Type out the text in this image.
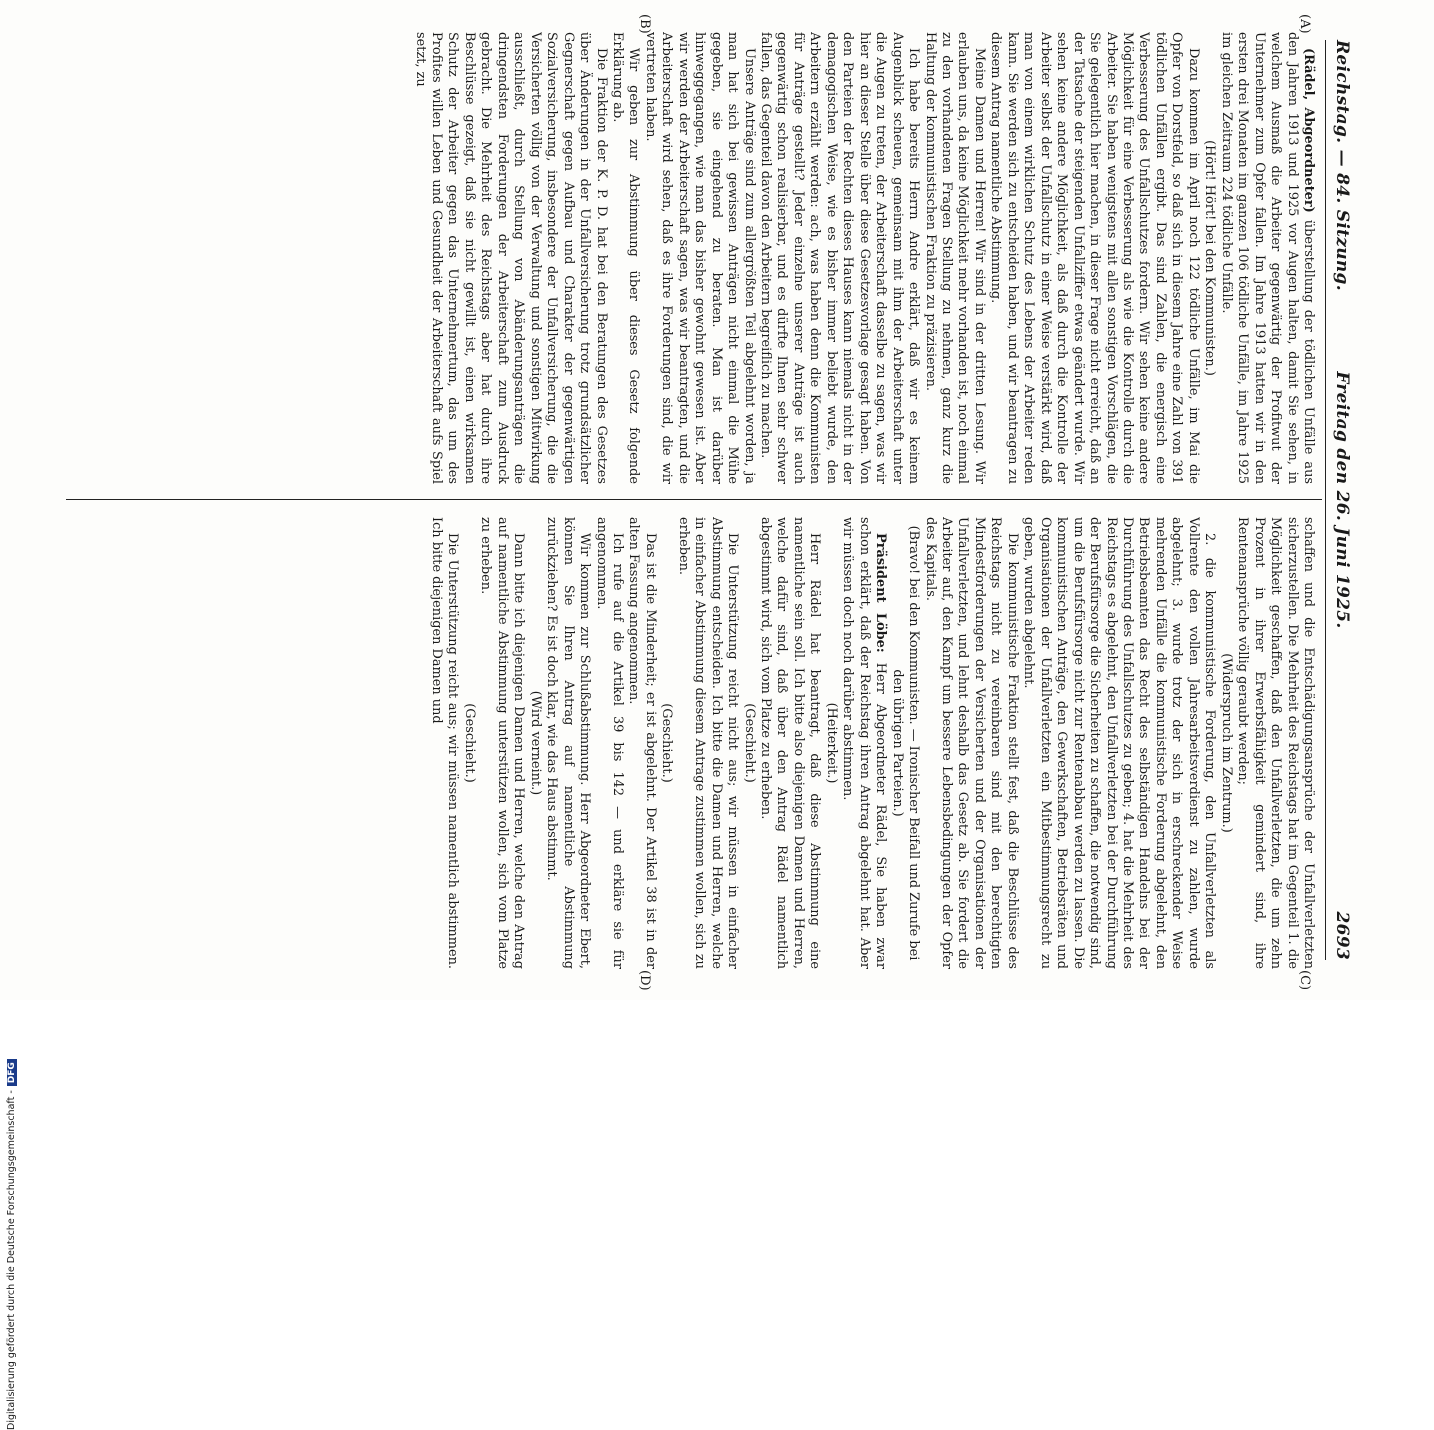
Reichstag. — 84. Sitzung.
Freitag den 26. Juni 1925.
2693
(A)
(B)
(C)
(D)

(Rädel, Abgeordneter) überstellung der tödlichen Unfälle aus den Jahren 1913 und 1925 vor Augen halten, damit Sie sehen, in welchem Ausmaß die Arbeiter gegenwärtig der Profitwut der Unternehmer zum Opfer fallen. Im Jahre 1913 hatten wir in den ersten drei Monaten im ganzen 106 tödliche Unfälle, im Jahre 1925 im gleichen Zeitraum 224 tödliche Unfälle.

(Hört! Hört! bei den Kommunisten.)

Dazu kommen im April noch 122 tödliche Unfälle, im Mai die Opfer von Dorstfeld, so daß sich in diesem Jahre eine Zahl von 391 tödlichen Unfällen ergibt. Das sind Zahlen, die energisch eine Verbesserung des Unfallschutzes fordern. Wir sehen keine andere Möglichkeit für eine Verbesserung als wie die Kontrolle durch die Arbeiter. Sie haben wenigstens mit allen sonstigen Vorschlägen, die Sie gelegentlich hier machen, in dieser Frage nicht erreicht, daß an der Tatsache der steigenden Unfallziffer etwas geändert wurde. Wir sehen keine andere Möglichkeit, als daß durch die Kontrolle der Arbeiter selbst der Unfallschutz in einer Weise verstärkt wird, daß man von einem wirklichen Schutz des Lebens der Arbeiter reden kann. Sie werden sich zu entscheiden haben, und wir beantragen zu diesem Antrag namentliche Abstimmung.

Meine Damen und Herren! Wir sind in der dritten Lesung. Wir erlauben uns, da keine Möglichkeit mehr vorhanden ist, noch einmal zu den vorhandenen Fragen Stellung zu nehmen, ganz kurz die Haltung der kommunistischen Fraktion zu präzisieren.

Ich habe bereits Herrn Andre erklärt, daß wir es keinem Augenblick scheuen, gemeinsam mit ihm der Arbeiterschaft unter die Augen zu treten, der Arbeiterschaft dasselbe zu sagen, was wir hier an dieser Stelle über diese Gesetzesvorlage gesagt haben. Von den Parteien der Rechten dieses Hauses kann niemals nicht in der demagogischen Weise, wie es bisher immer beliebt wurde, den Arbeitern erzählt werden: ach, was haben denn die Kommunisten für Anträge gestellt? Jeder einzelne unserer Anträge ist auch gegenwärtig schon realisierbar, und es dürfte Ihnen sehr schwer fallen, das Gegenteil davon den Arbeitern begreiflich zu machen.

Unsere Anträge sind zum allergrößten Teil abgelehnt worden, ja man hat sich bei gewissen Anträgen nicht einmal die Mühe gegeben, sie eingehend zu beraten. Man ist darüber hinweggegangen, wie man das bisher gewohnt gewesen ist. Aber wir werden der Arbeiterschaft sagen, was wir beantragten, und die Arbeiterschaft wird sehen, daß es ihre Forderungen sind, die wir vertreten haben.

Wir geben zur Abstimmung über dieses Gesetz folgende Erklärung ab.

Die Fraktion der K. P. D. hat bei den Beratungen des Gesetzes über Änderungen in der Unfallversicherung trotz grundsätzlicher Gegnerschaft gegen Aufbau und Charakter der gegenwärtigen Sozialversicherung, insbesondere der Unfallversicherung, die die Versicherten völlig von der Verwaltung und sonstigen Mitwirkung ausschließt, durch Stellung von Abänderungsanträgen die dringendsten Forderungen der Arbeiterschaft zum Ausdruck gebracht. Die Mehrheit des Reichstags aber hat durch ihre Beschlüsse gezeigt, daß sie nicht gewillt ist, einen wirksamen Schutz der Arbeiter gegen das Unternehmertum, das um des Profites willen Leben und Gesundheit der Arbeiterschaft aufs Spiel setzt, zu

schaffen und die Entschädigungsansprüche der Unfallverletzten sicherzustellen. Die Mehrheit des Reichstags hat im Gegenteil 1. die Möglichkeit geschaffen, daß den Unfallverletzten, die um zehn Prozent in ihrer Erwerbsfähigkeit gemindert sind, ihre Rentenansprüche völlig geraubt werden;

(Widerspruch im Zentrum.)

2. die kommunistische Forderung, den Unfallverletzten als Vollrente den vollen Jahresarbeitsverdienst zu zahlen, wurde abgelehnt; 3. wurde trotz der sich in erschreckender Weise mehrenden Unfälle die kommunistische Forderung abgelehnt, den Betriebsbeamten das Recht des selbständigen Handelns bei der Durchführung des Unfallschutzes zu geben; 4. hat die Mehrheit des Reichstags es abgelehnt, den Unfallverletzten bei der Durchführung der Berufsfürsorge die Sicherheiten zu schaffen, die notwendig sind, um die Berufsfürsorge nicht zur Rentenabbau werden zu lassen. Die kommunistischen Anträge, den Gewerkschaften, Betriebsräten und Organisationen der Unfallverletzten ein Mitbestimmungsrecht zu geben, wurden abgelehnt.

Die kommunistische Fraktion stellt fest, daß die Beschlüsse des Reichstags nicht zu vereinbaren sind mit den berechtigten Mindestforderungen der Versicherten und der Organisationen der Unfallverletzten, und lehnt deshalb das Gesetz ab. Sie fordert die Arbeiter auf, den Kampf um bessere Lebensbedingungen der Opfer des Kapitals.

(Bravo! bei den Kommunisten. — Ironischer Beifall und Zurufe bei den übrigen Parteien.)

Präsident Löbe: Herr Abgeordneter Rädel, Sie haben zwar schon erklärt, daß der Reichstag ihren Antrag abgelehnt hat. Aber wir müssen doch noch darüber abstimmen.

(Heiterkeit.)

Herr Rädel hat beantragt, daß diese Abstimmung eine namentliche sein soll. Ich bitte also diejenigen Damen und Herren, welche dafür sind, daß über den Antrag Rädel namentlich abgestimmt wird, sich vom Platze zu erheben.

(Geschieht.)

Die Unterstützung reicht nicht aus; wir müssen in einfacher Abstimmung entscheiden. Ich bitte die Damen und Herren, welche in einfacher Abstimmung diesem Antrage zustimmen wollen, sich zu erheben.

(Geschieht.)

Das ist die Minderheit; er ist abgelehnt. Der Artikel 38 ist in der alten Fassung angenommen.

Ich rufe auf die Artikel 39 bis 142 — und erkläre sie für angenommen.

Wir kommen zur Schlußabstimmung. Herr Abgeordneter Ebert, können Sie Ihren Antrag auf namentliche Abstimmung zurückziehen? Es ist doch klar, wie das Haus abstimmt.

(Wird verneint.)

Dann bitte ich diejenigen Damen und Herren, welche den Antrag auf namentliche Abstimmung unterstützen wollen, sich vom Platze zu erheben.

(Geschieht.)

Die Unterstützung reicht aus; wir müssen namentlich abstimmen. Ich bitte diejenigen Damen und

Digitalisierung gefördert durch die Deutsche Forschungsgemeinschaft -DFG
